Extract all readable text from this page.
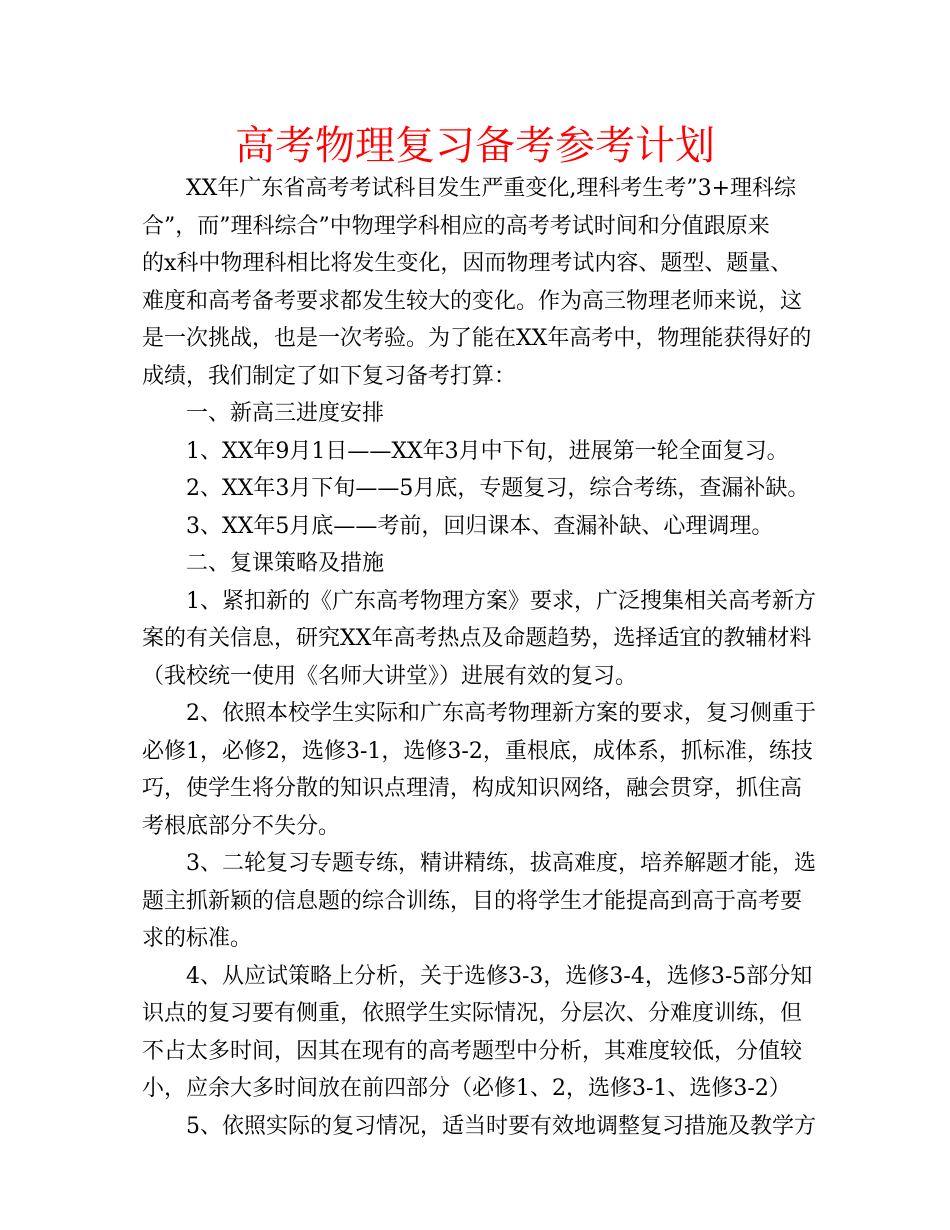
高考物理复习备考参考计划
XX年广东省高考考试科目发生严重变化,理科考生考”3+理科综
合”，而”理科综合”中物理学科相应的高考考试时间和分值跟原来
的x科中物理科相比将发生变化，因而物理考试内容、题型、题量、
难度和高考备考要求都发生较大的变化。作为高三物理老师来说，这
是一次挑战，也是一次考验。为了能在XX年高考中，物理能获得好的
成绩，我们制定了如下复习备考打算：
一、新高三进度安排
1、XX年9月1日——XX年3月中下旬，进展第一轮全面复习。
2、XX年3月下旬——5月底，专题复习，综合考练，查漏补缺。
3、XX年5月底——考前，回归课本、查漏补缺、心理调理。
二、复课策略及措施
1、紧扣新的《广东高考物理方案》要求，广泛搜集相关高考新方
案的有关信息，研究XX年高考热点及命题趋势，选择适宜的教辅材料
（我校统一使用《名师大讲堂》）进展有效的复习。
2、依照本校学生实际和广东高考物理新方案的要求，复习侧重于
必修1，必修2，选修3-1，选修3-2，重根底，成体系，抓标准，练技
巧，使学生将分散的知识点理清，构成知识网络，融会贯穿，抓住高
考根底部分不失分。
3、二轮复习专题专练，精讲精练，拔高难度，培养解题才能，选
题主抓新颖的信息题的综合训练，目的将学生才能提高到高于高考要
求的标准。
4、从应试策略上分析，关于选修3-3，选修3-4，选修3-5部分知
识点的复习要有侧重，依照学生实际情况，分层次、分难度训练，但
不占太多时间，因其在现有的高考题型中分析，其难度较低，分值较
小，应余大多时间放在前四部分（必修1、2，选修3-1、选修3-2）
5、依照实际的复习情况，适当时要有效地调整复习措施及教学方
